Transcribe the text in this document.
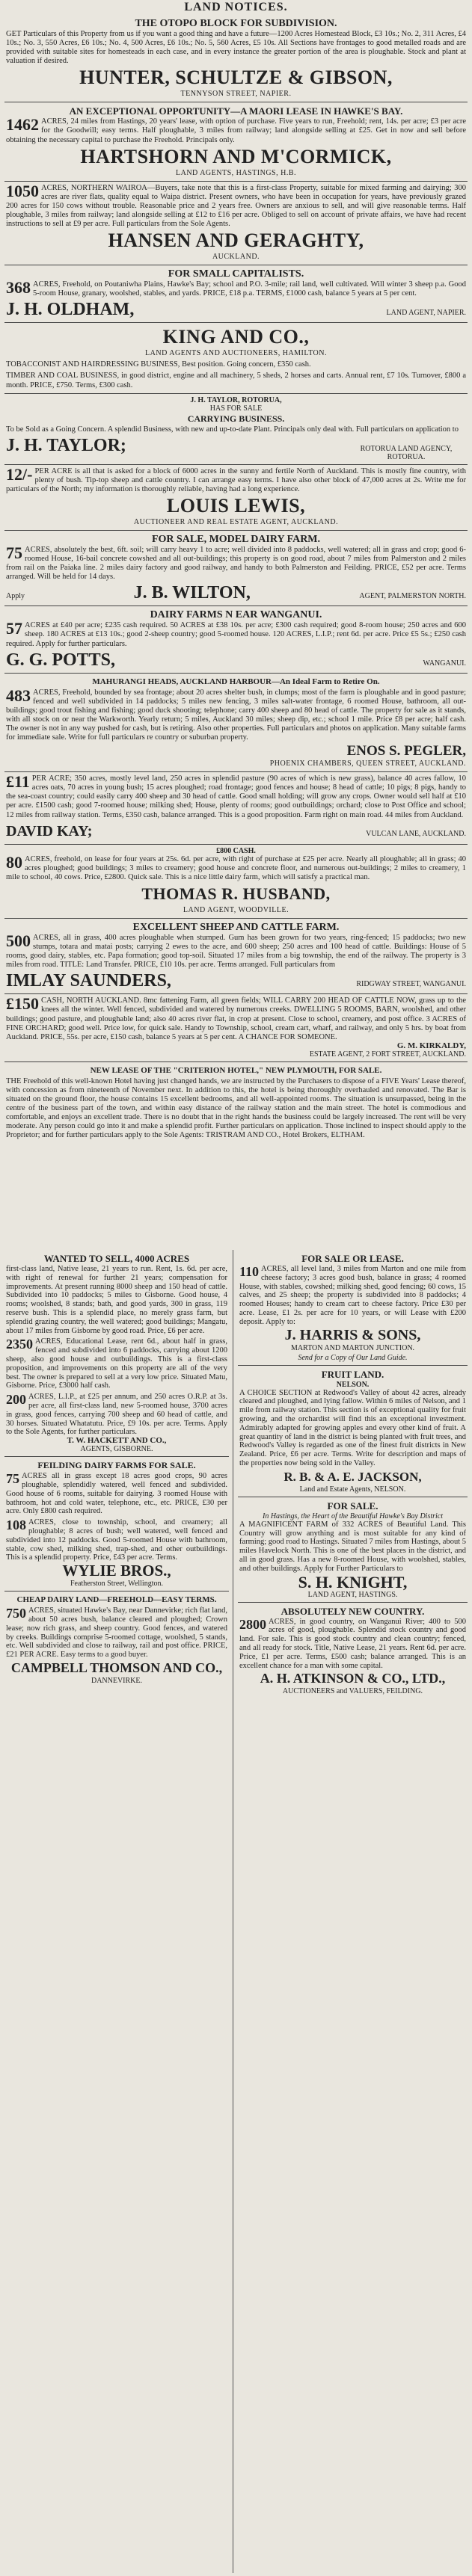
LAND NOTICES.
THE OTOPO BLOCK FOR SUBDIVISION.
GET Particulars of this Property from us if you want a good thing and have a future—1200 Acres Homestead Block, £3 10s.; No. 2, 311 Acres, £4 10s.; No. 3, 550 Acres, £6 10s.; No. 4, 500 Acres, £6 10s.; No. 5, 560 Acres, £5 10s. All Sections have frontages to good metalled roads and are provided with suitable sites for homesteads in each case, and in every instance the greater portion of the area is ploughable. Stock and plant at valuation if desired.
HUNTER, SCHULTZE & GIBSON,
TENNYSON STREET, NAPIER.
AN EXCEPTIONAL OPPORTUNITY—A MAORI LEASE IN HAWKE'S BAY.
1462 ACRES, 24 miles from Hastings, 20 years' lease, with option of purchase. Five years to run, Freehold; rent, 14s. per acre; £3 per acre for the Goodwill; easy terms. Half ploughable, 3 miles from railway; land alongside selling at £25. Get in now and sell before obtaining the necessary capital to purchase the Freehold. Principals only.
HARTSHORN AND M'CORMICK,
LAND AGENTS, HASTINGS, H.B.
1050 ACRES, NORTHERN WAIROA—Buyers, take note that this is a first-class Property, suitable for mixed farming and dairying; 300 acres are river flats, quality equal to Waipa district. Present owners, who have been in occupation for years, have previously grazed 200 acres for 150 cows without trouble. Reasonable price and 2 years free. Owners are anxious to sell, and will give reasonable terms. Half ploughable, 3 miles from railway; land alongside selling at £12 to £16 per acre. Obliged to sell on account of private affairs, we have had recent instructions to sell at £9 per acre. Full particulars from the Sole Agents.
HANSEN AND GERAGHTY,
AUCKLAND.
FOR SMALL CAPITALISTS.
368 ACRES, Freehold, on Poutaniwha Plains, Hawke's Bay; school and P.O. 3-mile; rail land, well cultivated. Will winter 3 sheep p.a. Good 5-room House, granary, woolshed, stables, and yards. PRICE, £18 p.a. TERMS, £1000 cash, balance 5 years at 5 per cent.
J. H. OLDHAM,	LAND AGENT, NAPIER.
KING AND CO.,
LAND AGENTS AND AUCTIONEERS, HAMILTON.
TOBACCONIST AND HAIRDRESSING BUSINESS, Best position. Going concern, £350 cash.
TIMBER AND COAL BUSINESS, in good district, engine and all machinery, 5 sheds, 2 horses and carts. Annual rent, £7 10s. Turnover, £800 a month. PRICE, £750. Terms, £300 cash.
J. H. TAYLOR, ROTORUA,
HAS FOR SALE
CARRYING BUSINESS.
To be Sold as a Going Concern. A splendid Business, with new and up-to-date Plant. Principals only deal with. Full particulars on application to
J. H. TAYLOR;	ROTORUA LAND AGENCY, ROTORUA.
12/- PER ACRE is all that is asked for a block of 6000 acres in the sunny and fertile North of Auckland. This is mostly fine country, with plenty of bush. Tip-top sheep and cattle country. I can arrange easy terms. I have also other block of 47,000 acres at 2s. Write me for particulars of the North; my information is thoroughly reliable, having had a long experience.
LOUIS LEWIS,
AUCTIONEER AND REAL ESTATE AGENT, AUCKLAND.
FOR SALE, MODEL DAIRY FARM.
75 ACRES, absolutely the best, 6ft. soil; will carry heavy 1 to acre; well divided into 8 paddocks, well watered; all in grass and crop; good 6-roomed House, 16-bail concrete cowshed and all out-buildings; this property is on good road, about 7 miles from Palmerston and 2 miles from rail on the Paiaka line. 2 miles dairy factory and good railway, and handy to both Palmerston and Feilding. PRICE, £52 per acre. Terms arranged. Will be held for 14 days.
Apply	J. B. WILTON,	AGENT, PALMERSTON NORTH.
DAIRY FARMS N EAR WANGANUI.
57 ACRES at £40 per acre; £235 cash required. 50 ACRES at £38 10s. per acre; £300 cash required; good 8-room house; 250 acres and 600 sheep. 180 ACRES at £13 10s.; good 2-sheep country; good 5-roomed house. 120 ACRES, L.I.P.; rent 6d. per acre. Price £5 5s.; £250 cash required. Apply for further particulars.
G. G. POTTS,	WANGANUI.
MAHURANGI HEADS, AUCKLAND HARBOUR—An Ideal Farm to Retire On.
483 ACRES, Freehold, bounded by sea frontage; about 20 acres shelter bush, in clumps; most of the farm is ploughable and in good pasture; fenced and well subdivided in 14 paddocks; 5 miles new fencing, 3 miles salt-water frontage, 6 roomed House, bathroom, all out-buildings; good trout fishing and fishing; good duck shooting; telephone; carry 400 sheep and 80 head of cattle. The property for sale as it stands, with all stock on or near the Warkworth. Yearly return; 5 miles, Auckland 30 miles; sheep dip, etc.; school 1 mile. Price £8 per acre; half cash. The owner is not in any way pushed for cash, but is retiring. Also other properties. Full particulars and photos on application. Many suitable farms for immediate sale. Write for full particulars re country or suburban property.
ENOS S. PEGLER,
PHOENIX CHAMBERS, QUEEN STREET, AUCKLAND.
£11 PER ACRE; 350 acres, mostly level land, 250 acres in splendid pasture (90 acres of which is new grass), balance 40 acres fallow, 10 acres oats, 70 acres in young bush; 15 acres ploughed; road frontage; good fences and house; 8 head of cattle; 10 pigs; 8 pigs, handy to the sea-coast country; could easily carry 400 sheep and 30 head of cattle. Good small holding; will grow any crops. Owner would sell half at £10 per acre. £1500 cash; good 7-roomed house; milking shed; House, plenty of rooms; good outbuildings; orchard; close to Post Office and school; 12 miles from railway station. Terms, £350 cash, balance arranged. This is a good proposition. Farm right on main road. 44 miles from Auckland.
DAVID KAY;	VULCAN LANE, AUCKLAND.
£800 CASH.
80 ACRES, freehold, on lease for four years at 25s. 6d. per acre, with right of purchase at £25 per acre. Nearly all ploughable; all in grass; 40 acres ploughed; good buildings; 3 miles to creamery; good house and concrete floor, and numerous out-buildings; 2 miles to creamery, 1 mile to school, 40 cows. Price, £2800. Quick sale. This is a nice little dairy farm, which will satisfy a practical man.
THOMAS R. HUSBAND,
LAND AGENT, WOODVILLE.
EXCELLENT SHEEP AND CATTLE FARM.
500 ACRES, all in grass, 400 acres ploughable when stumped. Gum has been grown for two years, ring-fenced; 15 paddocks; two new stumps, totara and matai posts; carrying 2 ewes to the acre, and 600 sheep; 250 acres and 100 head of cattle. Buildings: House of 5 rooms, good dairy, stables, etc. Papa formation; good top-soil. Situated 17 miles from a big township, the end of the railway. The property is 3 miles from road. TITLE: Land Transfer. PRICE, £10 10s. per acre. Terms arranged. Full particulars from
IMLAY SAUNDERS,	RIDGWAY STREET, WANGANUI.
£150 CASH, NORTH AUCKLAND. 8mc fattening Farm, all green fields; WILL CARRY 200 HEAD OF CATTLE NOW, grass up to the knees all the winter. Well fenced, subdivided and watered by numerous creeks. DWELLING 5 ROOMS, BARN, woolshed, and other buildings; good pasture, and ploughable land; also 40 acres river flat, in crop at present. Close to school, creamery, and post office. 3 ACRES of FINE ORCHARD; good well. Price low, for quick sale. Handy to Township, school, cream cart, wharf, and railway, and only 5 hrs. by boat from Auckland. PRICE, 55s. per acre, £150 cash, balance 5 years at 5 per cent. A CHANCE FOR SOMEONE.
G. M. KIRKALDY,
ESTATE AGENT, 2 FORT STREET, AUCKLAND.
NEW LEASE OF THE "CRITERION HOTEL," NEW PLYMOUTH, FOR SALE.
THE Freehold of this well-known Hotel having just changed hands, we are instructed by the Purchasers to dispose of a FIVE Years' Lease thereof, with concession as from nineteenth of November next. In addition to this, the hotel is being thoroughly overhauled and renovated. The Bar is situated on the ground floor, the house contains 15 excellent bedrooms, and all well-appointed rooms. The situation is unsurpassed, being in the centre of the business part of the town, and within easy distance of the railway station and the main street. The hotel is commodious and comfortable, and enjoys an excellent trade. There is no doubt that in the right hands the business could be largely increased. The rent will be very moderate. Any person could go into it and make a splendid profit. Further particulars on application. Those inclined to inspect should apply to the Proprietor; and for further particulars apply to the Sole Agents: TRISTRAM AND CO., Hotel Brokers, ELTHAM.
WANTED TO SELL, 4000 ACRES
first-class land, Native lease, 21 years to run. Rent, 1s. 6d. per acre, with right of renewal for further 21 years; compensation for improvements. At present running 8000 sheep and 150 head of cattle. Subdivided into 10 paddocks; 5 miles to Gisborne. Good house, 4 rooms; woolshed, 8 stands; bath, and good yards, 300 in grass, 119 reserve bush. This is a splendid place, no merely grass farm, but splendid grazing country, the well watered; good buildings; Mangatu, about 17 miles from Gisborne by good road. Price, £6 per acre.
2350 ACRES, Educational Lease, rent 6d., about half in grass, fenced and subdivided into 6 paddocks, carrying about 1200 sheep, also good house and outbuildings. This is a first-class proposition, and improvements on this property are all of the very best. The owner is prepared to sell at a very low price. Situated Matu, Gisborne. Price, £3000 half cash.
200 ACRES, L.I.P., at £25 per annum, and 250 acres O.R.P. at 3s. per acre, all first-class land, new 5-roomed house, 3700 acres in grass, good fences, carrying 700 sheep and 60 head of cattle, and 30 horses. Situated Whatatutu. Price, £9 10s. per acre. Terms. Apply to the Sole Agents, for further particulars.
T. W. HACKETT AND CO.,
AGENTS, GISBORNE.
FEILDING DAIRY FARMS FOR SALE.
75 ACRES all in grass except 18 acres good crops, 90 acres ploughable, splendidly watered, well fenced and subdivided. Good house of 6 rooms, suitable for dairying. 3 roomed House with bathroom, hot and cold water, telephone, etc., etc. PRICE, £30 per acre. Only £800 cash required.
108 ACRES, close to township, school, and creamery; all ploughable; 8 acres of bush; well watered, well fenced and subdivided into 12 paddocks. Good 5-roomed House with bathroom, stable, cow shed, milking shed, trap-shed, and other outbuildings. This is a splendid property. Price, £43 per acre. Terms.
WYLIE BROS.,
Featherston Street, Wellington.
CHEAP DAIRY LAND—FREEHOLD—EASY TERMS.
750 ACRES, situated Hawke's Bay, near Dannevirke; rich flat land, about 50 acres bush, balance cleared and ploughed; Crown lease; now rich grass, and sheep country. Good fences, and watered by creeks. Buildings comprise 5-roomed cottage, woolshed, 5 stands, etc. Well subdivided and close to railway, rail and post office. PRICE, £21 PER ACRE. Easy terms to a good buyer.
CAMPBELL THOMSON AND CO.,
DANNEVIRKE.
FOR SALE OR LEASE.
110 ACRES, all level land, 3 miles from Marton and one mile from cheese factory; 3 acres good bush, balance in grass; 4 roomed House, with stables, cowshed; milking shed, good fencing; 60 cows, 15 calves, and 25 sheep; the property is subdivided into 8 paddocks; 4 roomed Houses; handy to cream cart to cheese factory. Price £30 per acre. Lease, £1 2s. per acre for 10 years, or will Lease with £200 deposit. Apply to:
J. HARRIS & SONS,
MARTON AND MARTON JUNCTION.
Send for a Copy of Our Land Guide.
FRUIT LAND.
NELSON.
A CHOICE SECTION at Redwood's Valley of about 42 acres, already cleared and ploughed, and lying fallow. Within 6 miles of Nelson, and 1 mile from railway station. This section is of exceptional quality for fruit growing, and the orchardist will find this an exceptional investment. Admirably adapted for growing apples and every other kind of fruit. A great quantity of land in the district is being planted with fruit trees, and Redwood's Valley is regarded as one of the finest fruit districts in New Zealand. Price, £6 per acre. Terms. Write for description and maps of the properties now being sold in the Valley.
R. B. & A. E. JACKSON,
Land and Estate Agents, NELSON.
FOR SALE.
In Hastings, the Heart of the Beautiful Hawke's Bay District
A MAGNIFICENT FARM of 332 ACRES of Beautiful Land. This Country will grow anything and is most suitable for any kind of farming; good road to Hastings. Situated 7 miles from Hastings, about 5 miles Havelock North. This is one of the best places in the district, and all in good grass. Has a new 8-roomed House, with woolshed, stables, and other buildings. Apply for Further Particulars to
S. H. KNIGHT,
LAND AGENT, HASTINGS.
ABSOLUTELY NEW COUNTRY.
2800 ACRES, in good country, on Wanganui River; 400 to 500 acres of good, ploughable. Splendid stock country and good land. For sale. This is good stock country and clean country; fenced, and all ready for stock. Title, Native Lease, 21 years. Rent 6d. per acre. Price, £1 per acre. Terms, £500 cash; balance arranged. This is an excellent chance for a man with some capital.
A. H. ATKINSON & CO., LTD.,
AUCTIONEERS and VALUERS, FEILDING.
